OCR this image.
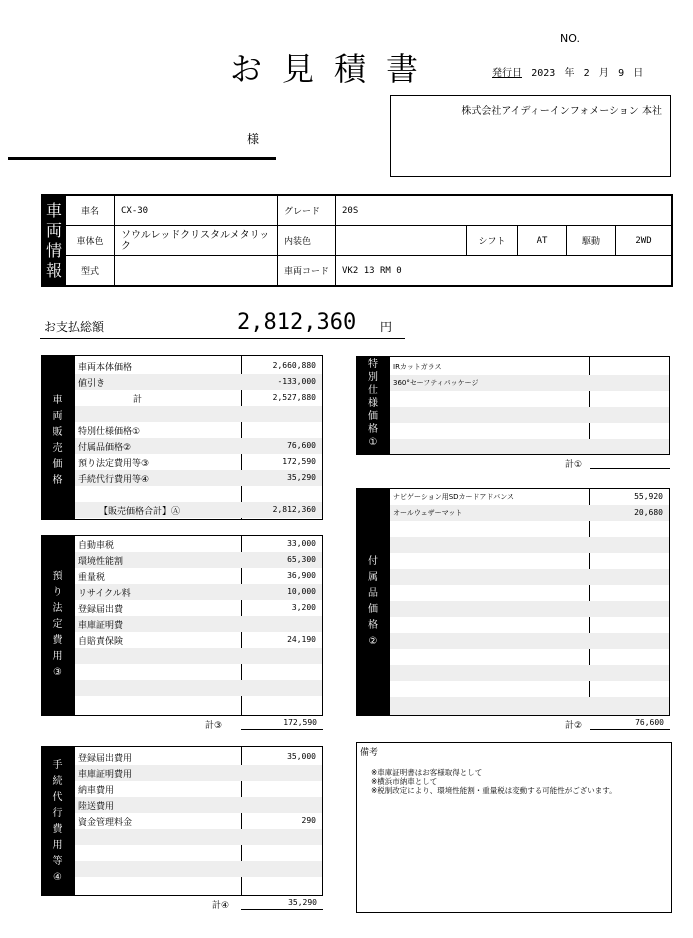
お見積書
NO.
発行日 2023 年 2 月 9 日
様
株式会社アイディーインフォメーション 本社
車
両
情
報	車名	CX-30	グレード	20S				
	車体色	ソウルレッドクリスタルメタリック	内装色		シフト	AT	駆動	2WD
	型式		車両コード	VK2 13 RM 0				
お支払総額	2,812,360 円
車
両
販
売
価
格
車両本体価格	2,660,880
値引き	-133,000
計	2,527,880
特別仕様価格①
付属品価格②	76,600
預り法定費用等③	172,590
手続代行費用等④	35,290
【販売価格合計】Ⓐ	2,812,360
預
り
法
定
費
用
③
自動車税	33,000
環境性能割	65,300
重量税	36,900
リサイクル料	10,000
登録届出費	3,200
車庫証明費
自賠責保険	24,190
計③	172,590
手
続
代
行
費
用
等
④
登録届出費用	35,000
車庫証明費用
納車費用
陸送費用
資金管理料金	290
計④	35,290
特
別
仕
様
価
格
①
IRカットガラス
360°セーフティパッケージ
計①
付
属
品
価
格
②
ナビゲーション用SDカードアドバンス	55,920
オールウェザーマット	20,680
計②	76,600
備考
※車庫証明書はお客様取得として
※横浜市納車として
※税制改定により、環境性能割・重量税は変動する可能性がございます。
